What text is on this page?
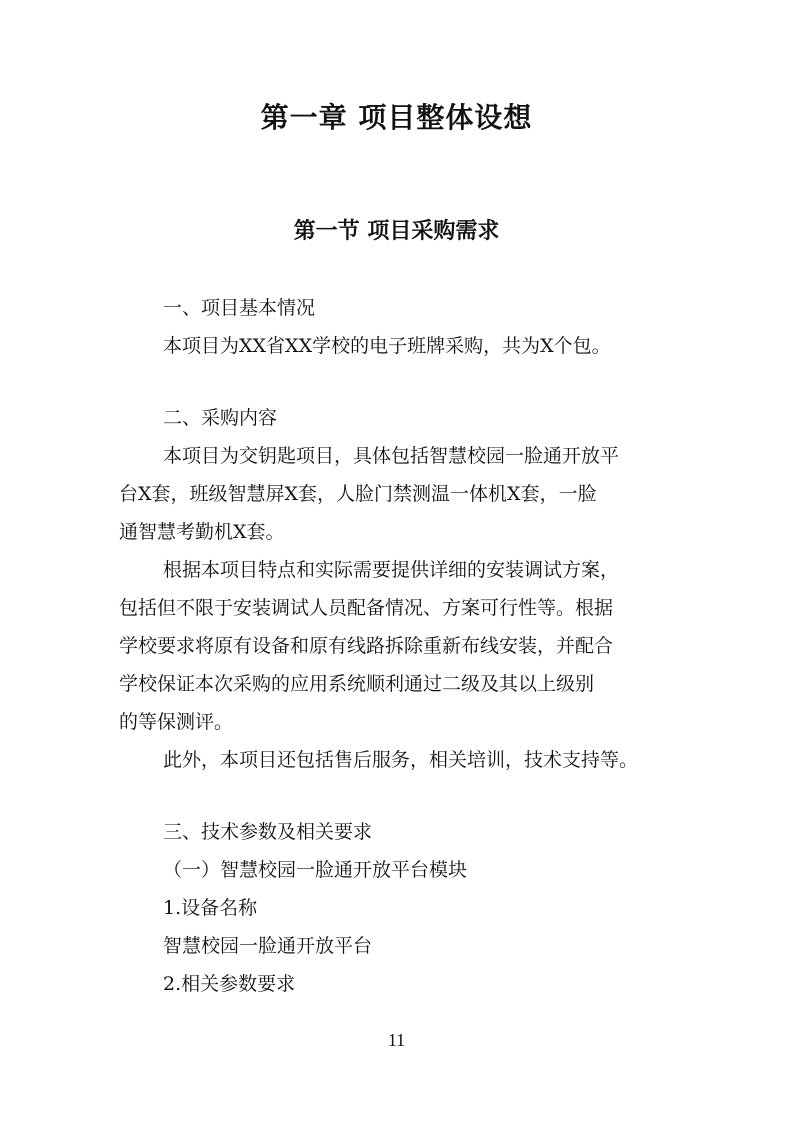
第一章 项目整体设想
第一节 项目采购需求
一、项目基本情况
本项目为XX省XX学校的电子班牌采购，共为X个包。
二、采购内容
本项目为交钥匙项目，具体包括智慧校园一脸通开放平
台X套，班级智慧屏X套，人脸门禁测温一体机X套，一脸
通智慧考勤机X套。
根据本项目特点和实际需要提供详细的安装调试方案，
包括但不限于安装调试人员配备情况、方案可行性等。根据
学校要求将原有设备和原有线路拆除重新布线安装，并配合
学校保证本次采购的应用系统顺利通过二级及其以上级别
的等保测评。
此外，本项目还包括售后服务，相关培训，技术支持等。
三、技术参数及相关要求
（一）智慧校园一脸通开放平台模块
1.设备名称
智慧校园一脸通开放平台
2.相关参数要求
11
